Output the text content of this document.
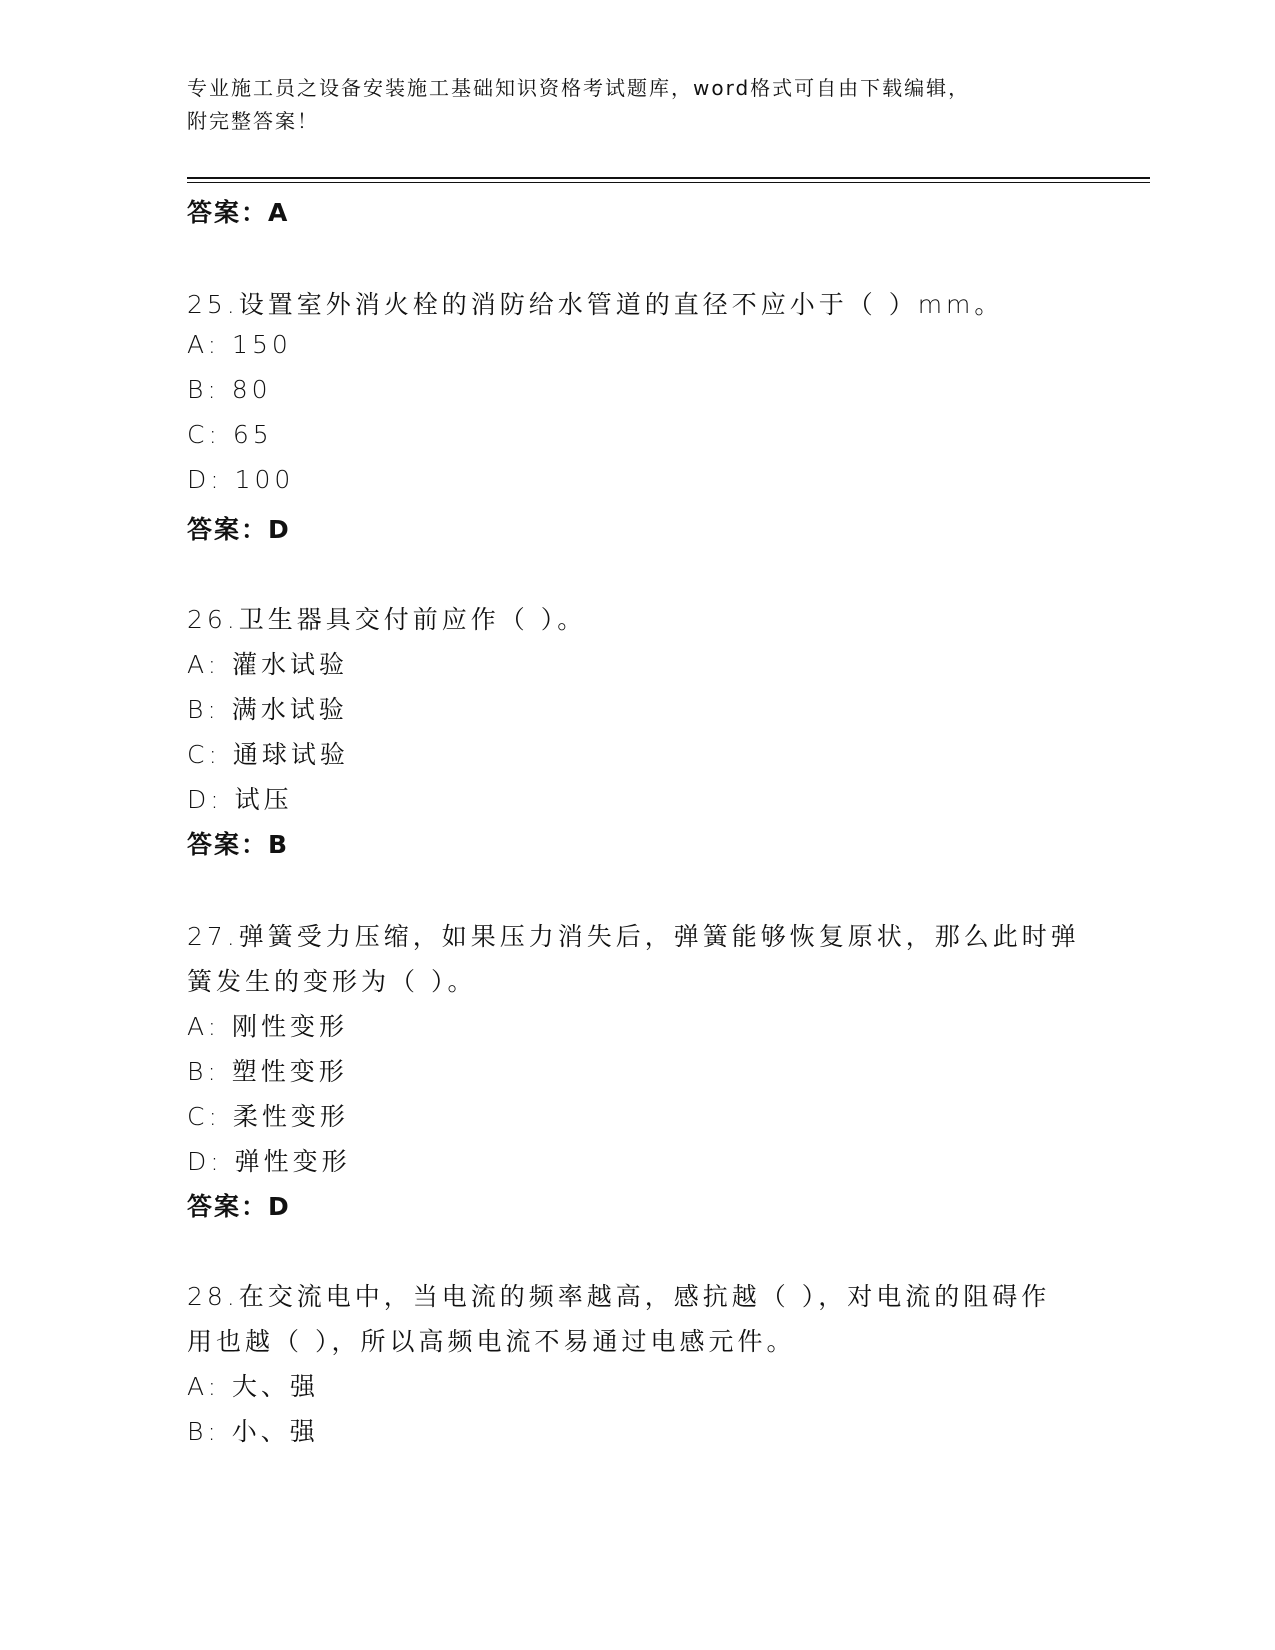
专业施工员之设备安装施工基础知识资格考试题库，word格式可自由下载编辑，
附完整答案！
答案：A
25.设置室外消火栓的消防给水管道的直径不应小于（ ）mm。
A: 150
B: 80
C: 65
D: 100
答案：D
26.卫生器具交付前应作（ ）。
A: 灌水试验
B: 满水试验
C: 通球试验
D: 试压
答案：B
27.弹簧受力压缩，如果压力消失后，弹簧能够恢复原状，那么此时弹
簧发生的变形为（ ）。
A: 刚性变形
B: 塑性变形
C: 柔性变形
D: 弹性变形
答案：D
28.在交流电中，当电流的频率越高，感抗越（ ），对电流的阻碍作
用也越（ ），所以高频电流不易通过电感元件。
A: 大、强
B: 小、强
